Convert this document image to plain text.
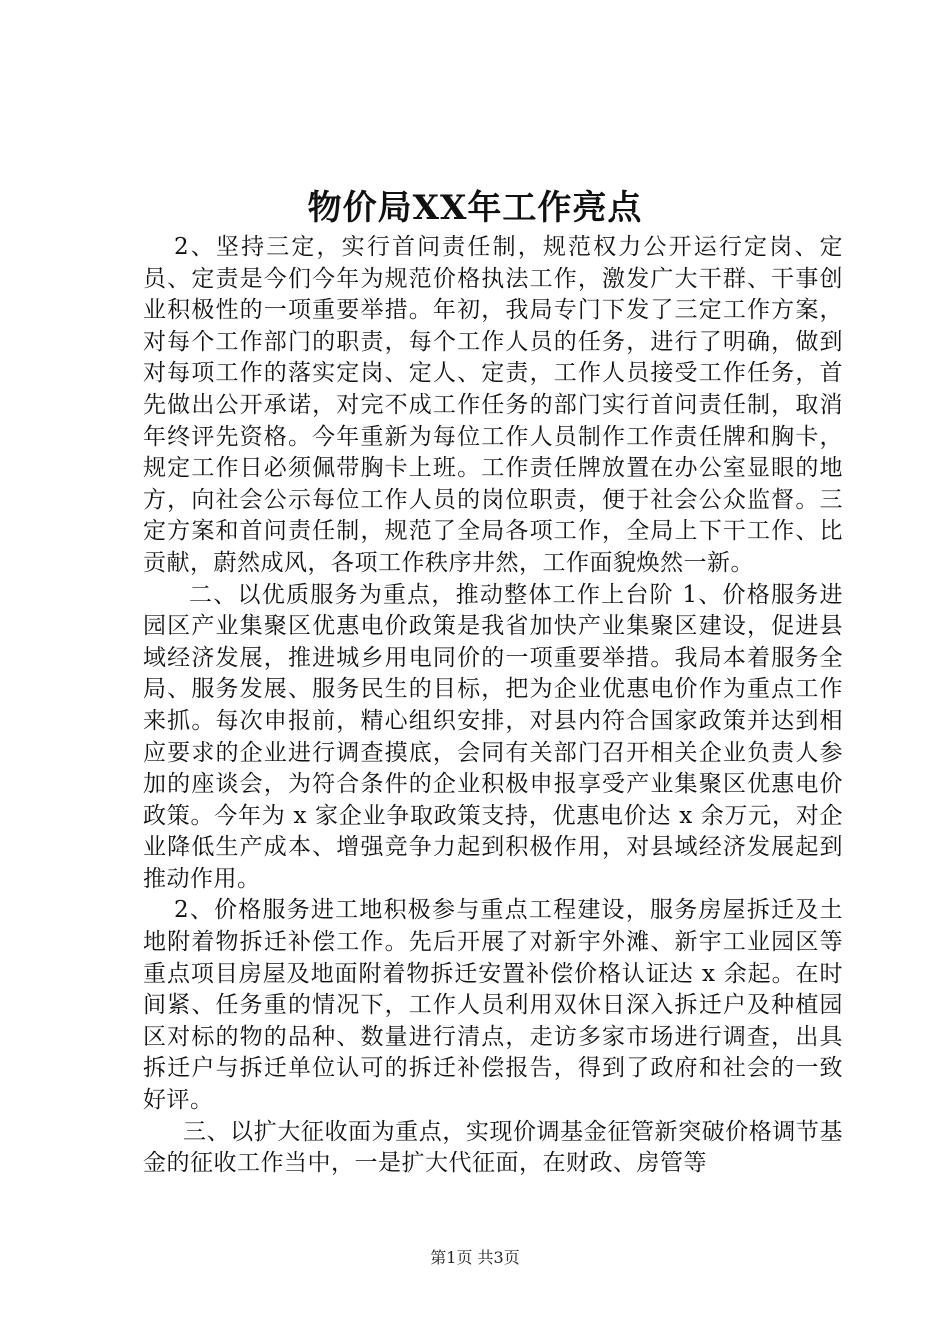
物价局XX年工作亮点

2、坚持三定，实行首问责任制，规范权力公开运行定岗、定员、定责是今们今年为规范价格执法工作，激发广大干群、干事创业积极性的一项重要举措。年初，我局专门下发了三定工作方案，对每个工作部门的职责，每个工作人员的任务，进行了明确，做到对每项工作的落实定岗、定人、定责，工作人员接受工作任务，首先做出公开承诺，对完不成工作任务的部门实行首问责任制，取消年终评先资格。今年重新为每位工作人员制作工作责任牌和胸卡，规定工作日必须佩带胸卡上班。工作责任牌放置在办公室显眼的地方，向社会公示每位工作人员的岗位职责，便于社会公众监督。三定方案和首问责任制，规范了全局各项工作，全局上下干工作、比贡献，蔚然成风，各项工作秩序井然，工作面貌焕然一新。

二、以优质服务为重点，推动整体工作上台阶 1、价格服务进园区产业集聚区优惠电价政策是我省加快产业集聚区建设，促进县域经济发展，推进城乡用电同价的一项重要举措。我局本着服务全局、服务发展、服务民生的目标，把为企业优惠电价作为重点工作来抓。每次申报前，精心组织安排，对县内符合国家政策并达到相应要求的企业进行调查摸底，会同有关部门召开相关企业负责人参加的座谈会，为符合条件的企业积极申报享受产业集聚区优惠电价政策。今年为 x 家企业争取政策支持，优惠电价达 x 余万元，对企业降低生产成本、增强竞争力起到积极作用，对县域经济发展起到推动作用。

2、价格服务进工地积极参与重点工程建设，服务房屋拆迁及土地附着物拆迁补偿工作。先后开展了对新宇外滩、新宇工业园区等重点项目房屋及地面附着物拆迁安置补偿价格认证达 x 余起。在时间紧、任务重的情况下，工作人员利用双休日深入拆迁户及种植园区对标的物的品种、数量进行清点，走访多家市场进行调查，出具拆迁户与拆迁单位认可的拆迁补偿报告，得到了政府和社会的一致好评。

三、以扩大征收面为重点，实现价调基金征管新突破价格调节基金的征收工作当中，一是扩大代征面，在财政、房管等

第1页 共3页
